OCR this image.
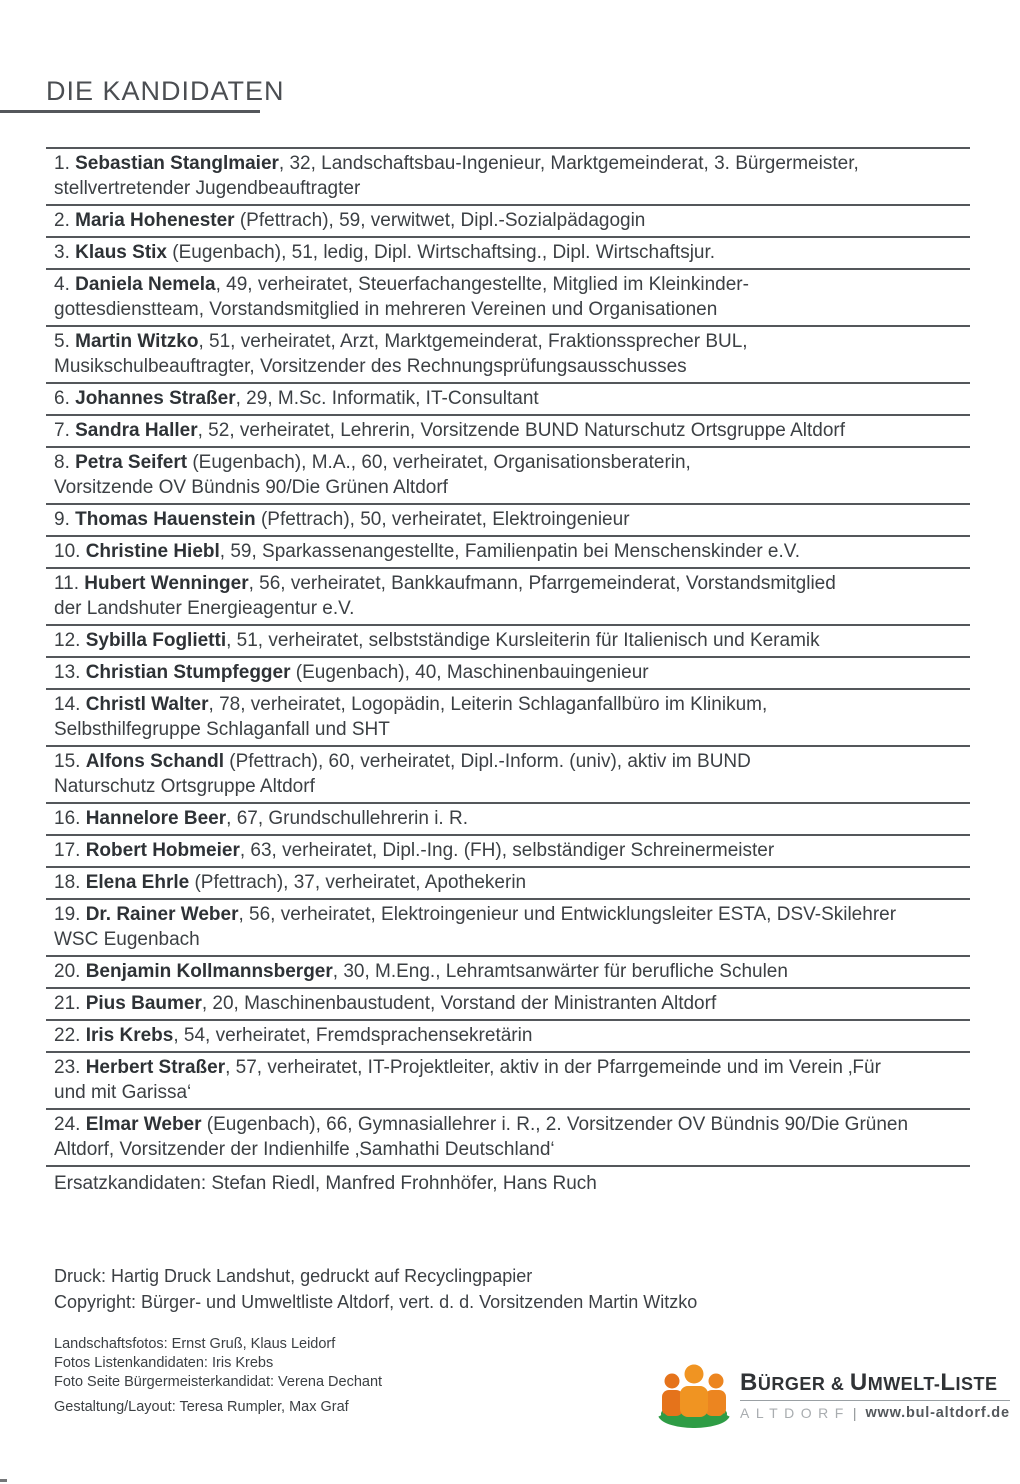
DIE KANDIDATEN
1. Sebastian Stanglmaier, 32, Landschaftsbau-Ingenieur, Marktgemeinderat, 3. Bürgermeister,
stellvertretender Jugendbeauftragter
2. Maria Hohenester (Pfettrach), 59, verwitwet, Dipl.-Sozialpädagogin
3. Klaus Stix (Eugenbach), 51, ledig, Dipl. Wirtschaftsing., Dipl. Wirtschaftsjur.
4. Daniela Nemela, 49, verheiratet, Steuerfachangestellte, Mitglied im Kleinkinder-
gottesdienstteam, Vorstandsmitglied in mehreren Vereinen und Organisationen
5. Martin Witzko, 51, verheiratet, Arzt, Marktgemeinderat, Fraktionssprecher BUL,
Musikschulbeauftragter, Vorsitzender des Rechnungsprüfungsausschusses
6. Johannes Straßer, 29, M.Sc. Informatik, IT-Consultant
7. Sandra Haller, 52, verheiratet, Lehrerin, Vorsitzende BUND Naturschutz Ortsgruppe Altdorf
8. Petra Seifert (Eugenbach), M.A., 60, verheiratet, Organisationsberaterin,
Vorsitzende OV Bündnis 90/Die Grünen Altdorf
9. Thomas Hauenstein (Pfettrach), 50, verheiratet, Elektroingenieur
10. Christine Hiebl, 59, Sparkassenangestellte, Familienpatin bei Menschenskinder e.V.
11. Hubert Wenninger, 56, verheiratet, Bankkaufmann, Pfarrgemeinderat, Vorstandsmitglied
der Landshuter Energieagentur e.V.
12. Sybilla Foglietti, 51, verheiratet, selbstständige Kursleiterin für Italienisch und Keramik
13. Christian Stumpfegger (Eugenbach), 40, Maschinenbauingenieur
14. Christl Walter, 78, verheiratet, Logopädin, Leiterin Schlaganfallbüro im Klinikum,
Selbsthilfegruppe Schlaganfall und SHT
15. Alfons Schandl (Pfettrach), 60, verheiratet, Dipl.-Inform. (univ), aktiv im BUND
Naturschutz Ortsgruppe Altdorf
16. Hannelore Beer, 67, Grundschullehrerin i. R.
17. Robert Hobmeier, 63, verheiratet, Dipl.-Ing. (FH), selbständiger Schreinermeister
18. Elena Ehrle (Pfettrach), 37, verheiratet, Apothekerin
19. Dr. Rainer Weber, 56, verheiratet, Elektroingenieur und Entwicklungsleiter ESTA, DSV-Skilehrer
WSC Eugenbach
20. Benjamin Kollmannsberger, 30, M.Eng., Lehramtsanwärter für berufliche Schulen
21. Pius Baumer, 20, Maschinenbaustudent, Vorstand der Ministranten Altdorf
22. Iris Krebs, 54, verheiratet, Fremdsprachensekretärin
23. Herbert Straßer, 57, verheiratet, IT-Projektleiter, aktiv in der Pfarrgemeinde und im Verein ‚Für
und mit Garissa‘
24. Elmar Weber (Eugenbach), 66, Gymnasiallehrer i. R., 2. Vorsitzender OV Bündnis 90/Die Grünen
Altdorf, Vorsitzender der Indienhilfe ‚Samhathi Deutschland‘
Ersatzkandidaten: Stefan Riedl, Manfred Frohnhöfer, Hans Ruch
Druck: Hartig Druck Landshut, gedruckt auf Recyclingpapier
Copyright: Bürger- und Umweltliste Altdorf, vert. d. d. Vorsitzenden Martin Witzko
Landschaftsfotos: Ernst Gruß, Klaus Leidorf
Fotos Listenkandidaten: Iris Krebs
Foto Seite Bürgermeisterkandidat: Verena Dechant
Gestaltung/Layout: Teresa Rumpler, Max Graf
BÜRGER & UMWELT-LISTE
ALTDORF | www.bul-altdorf.de
